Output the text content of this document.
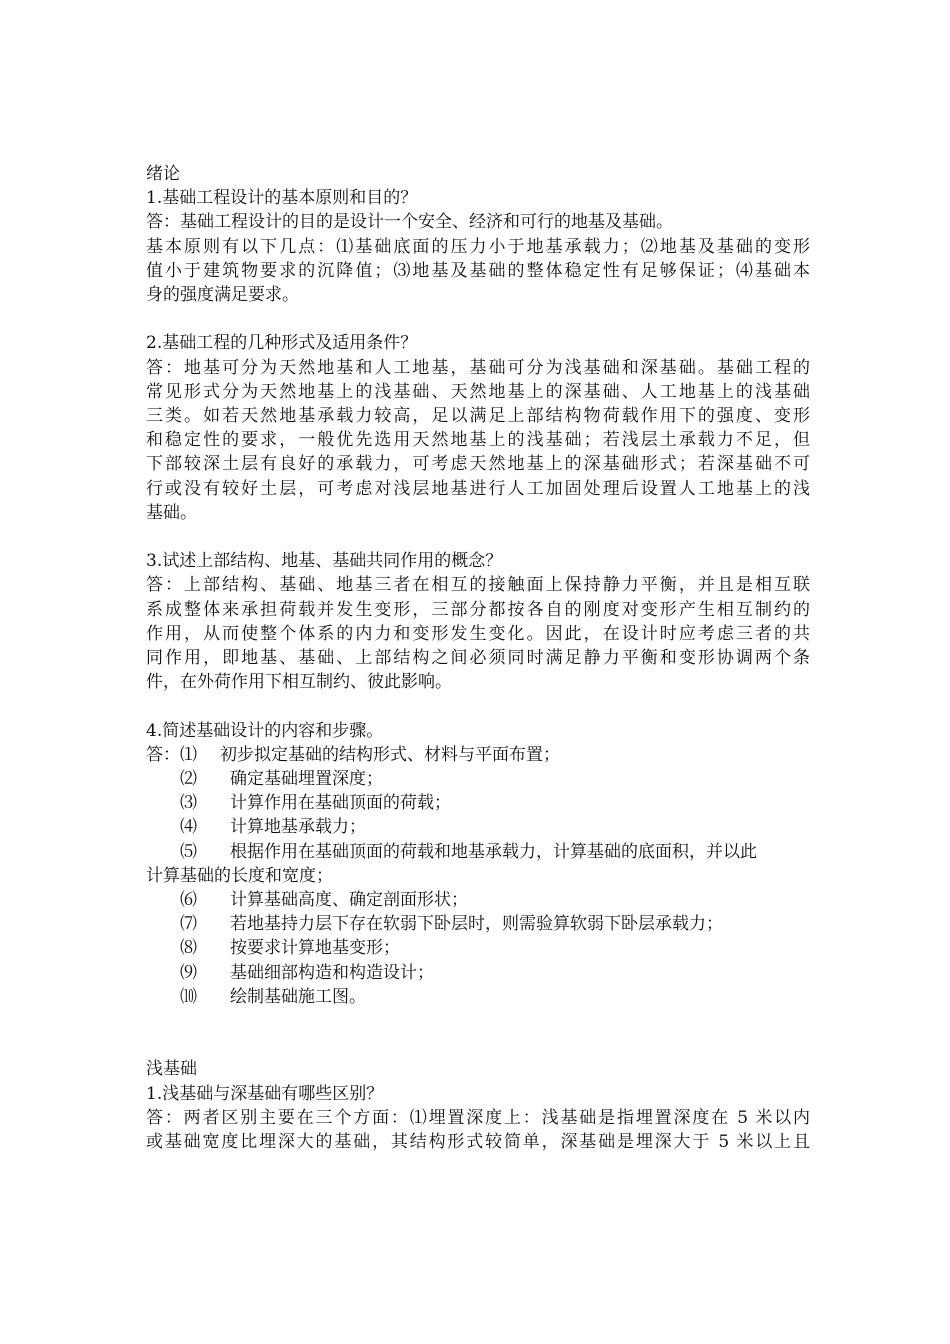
绪论
1.基础工程设计的基本原则和目的？
答：基础工程设计的目的是设计一个安全、经济和可行的地基及基础。
基本原则有以下几点：⑴基础底面的压力小于地基承载力；⑵地基及基础的变形
值小于建筑物要求的沉降值；⑶地基及基础的整体稳定性有足够保证；⑷基础本
身的强度满足要求。
2.基础工程的几种形式及适用条件？
答：地基可分为天然地基和人工地基，基础可分为浅基础和深基础。基础工程的
常见形式分为天然地基上的浅基础、天然地基上的深基础、人工地基上的浅基础
三类。如若天然地基承载力较高，足以满足上部结构物荷载作用下的强度、变形
和稳定性的要求，一般优先选用天然地基上的浅基础；若浅层土承载力不足，但
下部较深土层有良好的承载力，可考虑天然地基上的深基础形式；若深基础不可
行或没有较好土层，可考虑对浅层地基进行人工加固处理后设置人工地基上的浅
基础。
3.试述上部结构、地基、基础共同作用的概念？
答：上部结构、基础、地基三者在相互的接触面上保持静力平衡，并且是相互联
系成整体来承担荷载并发生变形，三部分都按各自的刚度对变形产生相互制约的
作用，从而使整个体系的内力和变形发生变化。因此，在设计时应考虑三者的共
同作用，即地基、基础、上部结构之间必须同时满足静力平衡和变形协调两个条
件，在外荷作用下相互制约、彼此影响。
4.简述基础设计的内容和步骤。
答：⑴ 初步拟定基础的结构形式、材料与平面布置；
⑵ 确定基础埋置深度；
⑶ 计算作用在基础顶面的荷载；
⑷ 计算地基承载力；
⑸ 根据作用在基础顶面的荷载和地基承载力，计算基础的底面积，并以此
计算基础的长度和宽度；
⑹ 计算基础高度、确定剖面形状；
⑺ 若地基持力层下存在软弱下卧层时，则需验算软弱下卧层承载力；
⑻ 按要求计算地基变形；
⑼ 基础细部构造和构造设计；
⑽ 绘制基础施工图。
浅基础
1.浅基础与深基础有哪些区别？
答：两者区别主要在三个方面：⑴埋置深度上：浅基础是指埋置深度在 5 米以内
或基础宽度比埋深大的基础，其结构形式较简单，深基础是埋深大于 5 米以上且
